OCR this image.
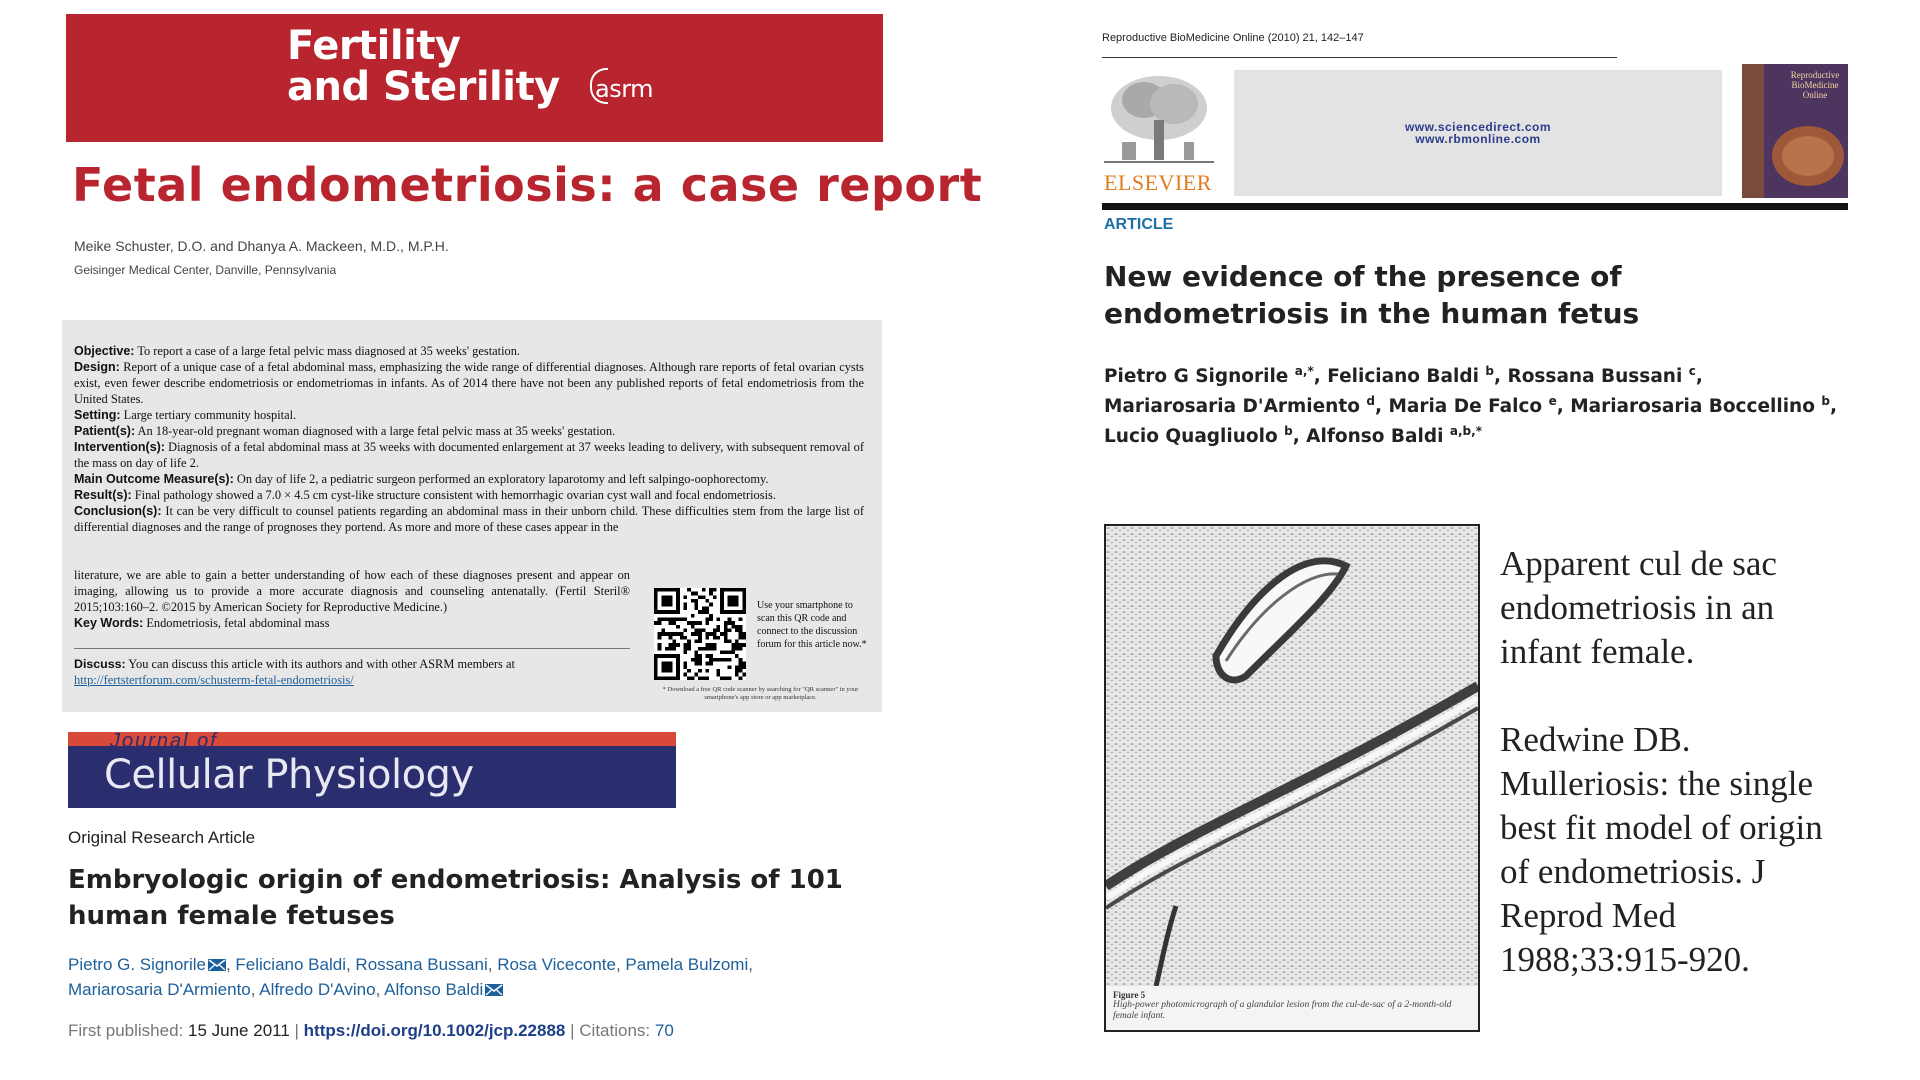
Fertility
and Sterility asrm
Fetal endometriosis: a case report
Meike Schuster, D.O. and Dhanya A. Mackeen, M.D., M.P.H.
Geisinger Medical Center, Danville, Pennsylvania

Objective: To report a case of a large fetal pelvic mass diagnosed at 35 weeks' gestation.

Design: Report of a unique case of a fetal abdominal mass, emphasizing the wide range of differential diagnoses. Although rare reports of fetal ovarian cysts exist, even fewer describe endometriosis or endometriomas in infants. As of 2014 there have not been any published reports of fetal endometriosis from the United States.

Setting: Large tertiary community hospital.

Patient(s): An 18-year-old pregnant woman diagnosed with a large fetal pelvic mass at 35 weeks' gestation.

Intervention(s): Diagnosis of a fetal abdominal mass at 35 weeks with documented enlargement at 37 weeks leading to delivery, with subsequent removal of the mass on day of life 2.

Main Outcome Measure(s): On day of life 2, a pediatric surgeon performed an exploratory laparotomy and left salpingo-oophorectomy.

Result(s): Final pathology showed a 7.0 × 4.5 cm cyst-like structure consistent with hemorrhagic ovarian cyst wall and focal endometriosis.

Conclusion(s): It can be very difficult to counsel patients regarding an abdominal mass in their unborn child. These difficulties stem from the large list of differential diagnoses and the range of prognoses they portend. As more and more of these cases appear in the

literature, we are able to gain a better understanding of how each of these diagnoses present and appear on imaging, allowing us to provide a more accurate diagnosis and counseling antenatally. (Fertil Steril® 2015;103:160–2. ©2015 by American Society for Reproductive Medicine.)

Key Words: Endometriosis, fetal abdominal mass

Discuss: You can discuss this article with its authors and with other ASRM members at http://fertstertforum.com/schusterm-fetal-endometriosis/
Use your smartphone to scan this QR code and connect to the discussion forum for this article now.*
* Download a free QR code scanner by searching for "QR scanner" in your smartphone's app store or app marketplace.
Journal of
Cellular Physiology
Original Research Article
Embryologic origin of endometriosis: Analysis of 101 human female fetuses
Pietro G. Signorile , Feliciano Baldi, Rossana Bussani, Rosa Viceconte, Pamela Bulzomi,
Mariarosaria D'Armiento, Alfredo D'Avino, Alfonso Baldi
First published: 15 June 2011 | https://doi.org/10.1002/jcp.22888 | Citations: 70
Reproductive BioMedicine Online (2010) 21, 142–147
ELSEVIER
www.sciencedirect.com
www.rbmonline.com
Reproductive BioMedicine Online
ARTICLE
New evidence of the presence of endometriosis in the human fetus
Pietro G Signorile $^{a,*}$, Feliciano Baldi $^b$, Rossana Bussani $^c$,
Mariarosaria D'Armiento $^d$, Maria De Falco $^e$, Mariarosaria Boccellino $^b$,
Lucio Quagliuolo $^b$, Alfonso Baldi $^{a,b,*}$
Figure 5
High-power photomicrograph of a glandular lesion from the cul-de-sac of a 2-month-old female infant.

Apparent cul de sac

endometriosis in an

infant female.

Redwine DB.

Mulleriosis: the single

best fit model of origin

of endometriosis. J

Reprod Med

1988;33:915-920.
